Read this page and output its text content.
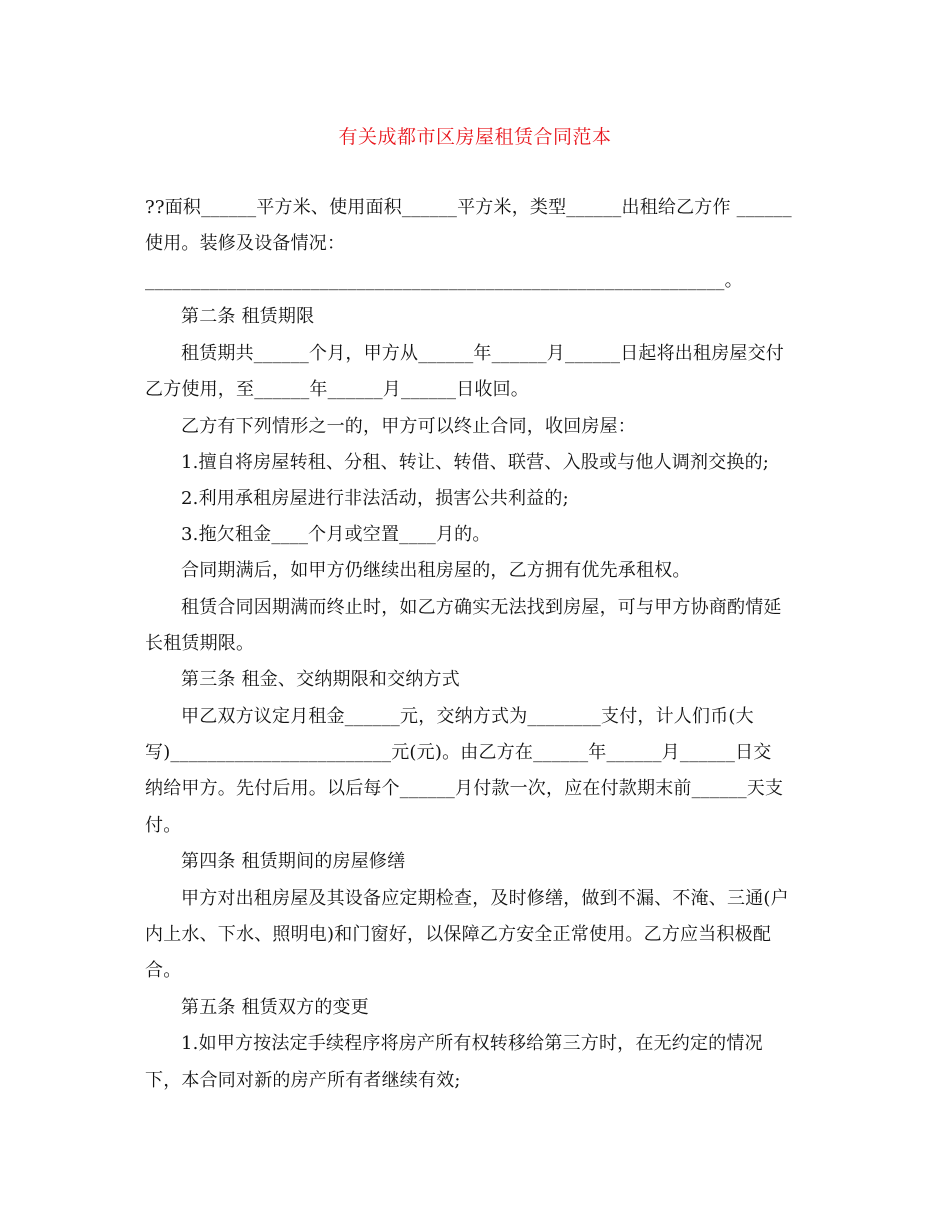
有关成都市区房屋租赁合同范本
??面积______平方米、使用面积______平方米，类型______出租给乙方作 ______
使用。装修及设备情况：
_______________________________________________________________。
第二条 租赁期限
租赁期共______个月，甲方从______年______月______日起将出租房屋交付
乙方使用，至______年______月______日收回。
乙方有下列情形之一的，甲方可以终止合同，收回房屋：
1.擅自将房屋转租、分租、转让、转借、联营、入股或与他人调剂交换的;
2.利用承租房屋进行非法活动，损害公共利益的;
3.拖欠租金____个月或空置____月的。
合同期满后，如甲方仍继续出租房屋的，乙方拥有优先承租权。
租赁合同因期满而终止时，如乙方确实无法找到房屋，可与甲方协商酌情延
长租赁期限。
第三条 租金、交纳期限和交纳方式
甲乙双方议定月租金______元，交纳方式为________支付，计人们币(大
写)________________________元(元)。由乙方在______年______月______日交
纳给甲方。先付后用。以后每个______月付款一次，应在付款期末前______天支
付。
第四条 租赁期间的房屋修缮
甲方对出租房屋及其设备应定期检查，及时修缮，做到不漏、不淹、三通(户
内上水、下水、照明电)和门窗好，以保障乙方安全正常使用。乙方应当积极配
合。
第五条 租赁双方的变更
1.如甲方按法定手续程序将房产所有权转移给第三方时，在无约定的情况
下，本合同对新的房产所有者继续有效;
